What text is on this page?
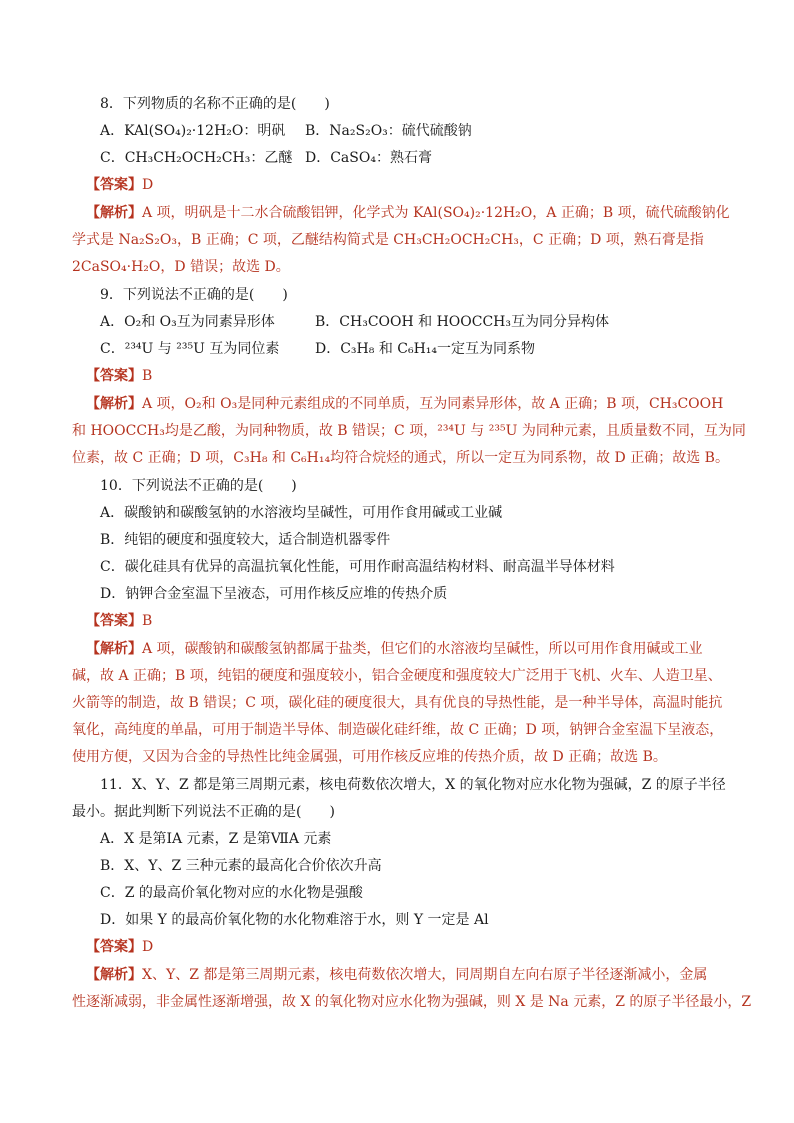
8．下列物质的名称不正确的是(　　)
A．KAl(SO₄)₂·12H₂O：明矾 B．Na₂S₂O₃：硫代硫酸钠
C．CH₃CH₂OCH₂CH₃：乙醚 D．CaSO₄：熟石膏
【答案】D
【解析】A 项，明矾是十二水合硫酸铝钾，化学式为 KAl(SO₄)₂·12H₂O，A 正确；B 项，硫代硫酸钠化
学式是 Na₂S₂O₃，B 正确；C 项，乙醚结构简式是 CH₃CH₂OCH₂CH₃，C 正确；D 项，熟石膏是指
2CaSO₄·H₂O，D 错误；故选 D。
9．下列说法不正确的是(　　)
A．O₂和 O₃互为同素异形体	B．CH₃COOH 和 HOOCCH₃互为同分异构体
C．²³⁴U 与 ²³⁵U 互为同位素	D．C₃H₈ 和 C₆H₁₄一定互为同系物
【答案】B
【解析】A 项，O₂和 O₃是同种元素组成的不同单质，互为同素异形体，故 A 正确；B 项，CH₃COOH
和 HOOCCH₃均是乙酸，为同种物质，故 B 错误；C 项，²³⁴U 与 ²³⁵U 为同种元素，且质量数不同，互为同
位素，故 C 正确；D 项，C₃H₈ 和 C₆H₁₄均符合烷烃的通式，所以一定互为同系物，故 D 正确；故选 B。
10．下列说法不正确的是(　　)
A．碳酸钠和碳酸氢钠的水溶液均呈碱性，可用作食用碱或工业碱
B．纯铝的硬度和强度较大，适合制造机器零件
C．碳化硅具有优异的高温抗氧化性能，可用作耐高温结构材料、耐高温半导体材料
D．钠钾合金室温下呈液态，可用作核反应堆的传热介质
【答案】B
【解析】A 项，碳酸钠和碳酸氢钠都属于盐类，但它们的水溶液均呈碱性，所以可用作食用碱或工业
碱，故 A 正确；B 项，纯铝的硬度和强度较小，铝合金硬度和强度较大广泛用于飞机、火车、人造卫星、
火箭等的制造，故 B 错误；C 项，碳化硅的硬度很大，具有优良的导热性能，是一种半导体，高温时能抗
氧化，高纯度的单晶，可用于制造半导体、制造碳化硅纤维，故 C 正确；D 项，钠钾合金室温下呈液态，
使用方便，又因为合金的导热性比纯金属强，可用作核反应堆的传热介质，故 D 正确；故选 B。
11．X、Y、Z 都是第三周期元素，核电荷数依次增大，X 的氧化物对应水化物为强碱，Z 的原子半径
最小。据此判断下列说法不正确的是(　　)
A．X 是第ⅠA 元素，Z 是第ⅦA 元素
B．X、Y、Z 三种元素的最高化合价依次升高
C．Z 的最高价氧化物对应的水化物是强酸
D．如果 Y 的最高价氧化物的水化物难溶于水，则 Y 一定是 Al
【答案】D
【解析】X、Y、Z 都是第三周期元素，核电荷数依次增大，同周期自左向右原子半径逐渐减小，金属
性逐渐减弱，非金属性逐渐增强，故 X 的氧化物对应水化物为强碱，则 X 是 Na 元素，Z 的原子半径最小，Z
